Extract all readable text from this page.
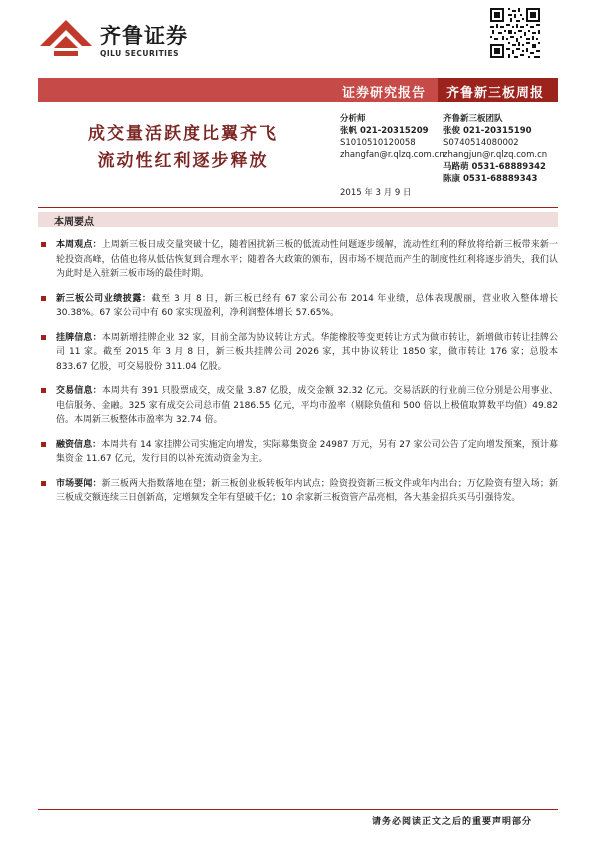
齐鲁证券
QILU SECURITIES
证券研究报告 齐鲁新三板周报
成交量活跃度比翼齐飞
流动性红利逐步释放
分析师
张帆 021-20315209
S1010510120058
zhangfan@r.qlzq.com.cn
齐鲁新三板团队
张俊 021-20315190
S0740514080002
zhangjun@r.qlzq.com.cn
马路萌 0531-68889342
陈康 0531-68889343
2015 年 3 月 9 日
本周要点
本周观点：上周新三板日成交量突破十亿，随着困扰新三板的低流动性问题逐步缓解，流动性红利的释放将给新三板带来新一轮投资高峰，估值也将从低估恢复到合理水平；随着各大政策的颁布，因市场不规范而产生的制度性红利将逐步消失，我们认为此时是入驻新三板市场的最佳时期。
新三板公司业绩披露：截至 3 月 8 日，新三板已经有 67 家公司公布 2014 年业绩，总体表现靓丽，营业收入整体增长 30.38%。67 家公司中有 60 家实现盈利，净利润整体增长 57.65%。
挂牌信息：本周新增挂牌企业 32 家，目前全部为协议转让方式。华能橡胶等变更转让方式为做市转让，新增做市转让挂牌公司 11 家。截至 2015 年 3 月 8 日，新三板共挂牌公司 2026 家，其中协议转让 1850 家，做市转让 176 家；总股本 833.67 亿股，可交易股份 311.04 亿股。
交易信息：本周共有 391 只股票成交，成交量 3.87 亿股，成交金额 32.32 亿元。交易活跃的行业前三位分别是公用事业、电信服务、金融。325 家有成交公司总市值 2186.55 亿元，平均市盈率（剔除负值和 500 倍以上极值取算数平均值）49.82 倍。本周新三板整体市盈率为 32.74 倍。
融资信息：本周共有 14 家挂牌公司实施定向增发，实际募集资金 24987 万元，另有 27 家公司公告了定向增发预案，预计募集资金 11.67 亿元，发行目的以补充流动资金为主。
市场要闻：新三板两大指数落地在望；新三板创业板转板年内试点；险资投资新三板文件或年内出台；万亿险资有望入场；新三板成交额连续三日创新高，定增频发全年有望破千亿；10 余家新三板资管产品亮相，各大基金招兵买马引强待发。
请务必阅读正文之后的重要声明部分
